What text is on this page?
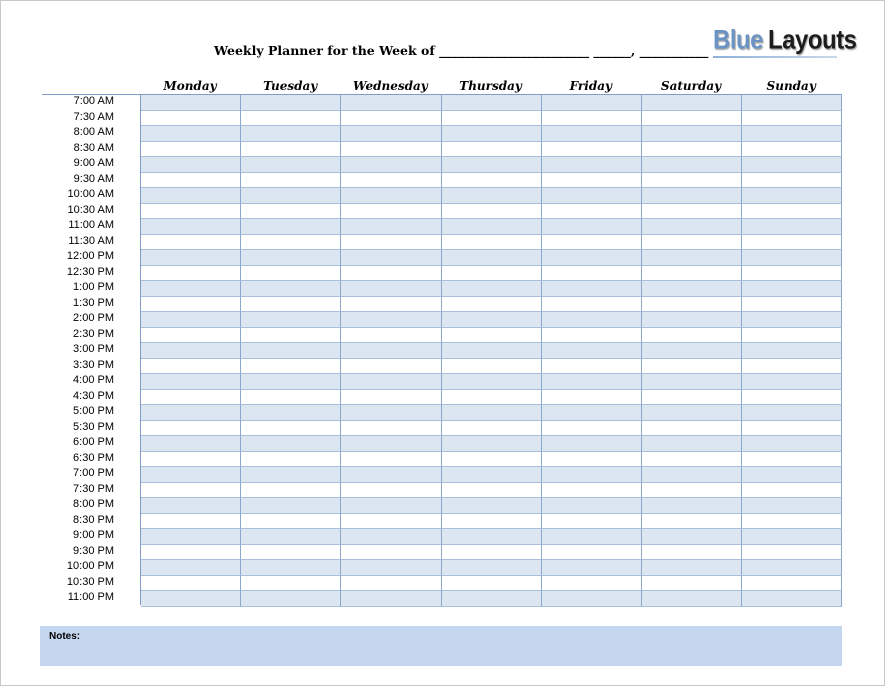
Weekly Planner for the Week of ________________________ ______, ___________ Blue Layouts
Monday	Tuesday	Wednesday	Thursday	Friday	Saturday	Sunday
7:00 AM
7:30 AM
8:00 AM
8:30 AM
9:00 AM
9:30 AM
10:00 AM
10:30 AM
11:00 AM
11:30 AM
12:00 PM
12:30 PM
1:00 PM
1:30 PM
2:00 PM
2:30 PM
3:00 PM
3:30 PM
4:00 PM
4:30 PM
5:00 PM
5:30 PM
6:00 PM
6:30 PM
7:00 PM
7:30 PM
8:00 PM
8:30 PM
9:00 PM
9:30 PM
10:00 PM
10:30 PM
11:00 PM
Notes:
